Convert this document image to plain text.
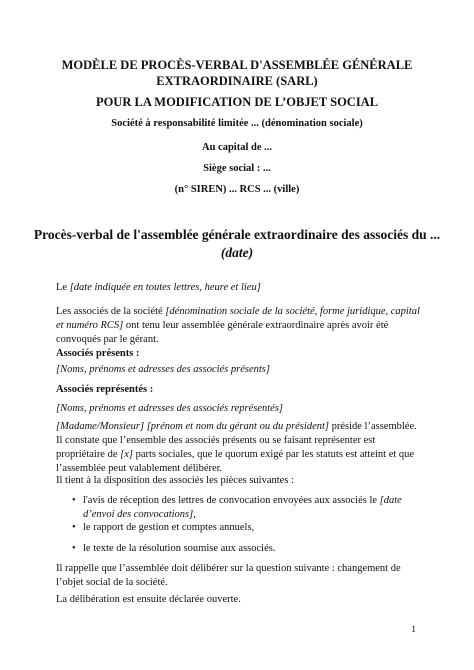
MODÈLE DE PROCÈS-VERBAL D'ASSEMBLÉE GÉNÉRALE
EXTRAORDINAIRE (SARL)
POUR LA MODIFICATION DE L’OBJET SOCIAL
Société à responsabilité limitée ... (dénomination sociale)
Au capital de ...
Siège social : ...
(n° SIREN) ... RCS ... (ville)
Procès-verbal de l'assemblée générale extraordinaire des associés du ...
(date)
Le [date indiquée en toutes lettres, heure et lieu]
Les associés de la société [dénomination sociale de la société, forme juridique, capital et numéro RCS] ont tenu leur assemblée générale extraordinaire après avoir été convoqués par le gérant.
Associés présents :
[Noms, prénoms et adresses des associés présents]
Associés représentés :
[Noms, prénoms et adresses des associés représentés]
[Madame/Monsieur] [prénom et nom du gérant ou du président] préside l’assemblée. Il constate que l’ensemble des associés présents ou se faisant représenter est propriétaire de [x] parts sociales, que le quorum exigé par les statuts est atteint et que l’assemblée peut valablement délibérer.
Il tient à la disposition des associés les pièces suivantes :
• l'avis de réception des lettres de convocation envoyées aux associés le [date d’envoi des convocations],
• le rapport de gestion et comptes annuels,
• le texte de la résolution soumise aux associés.
Il rappelle que l’assemblée doit délibérer sur la question suivante : changement de l’objet social de la société.
La délibération est ensuite déclarée ouverte.
1
